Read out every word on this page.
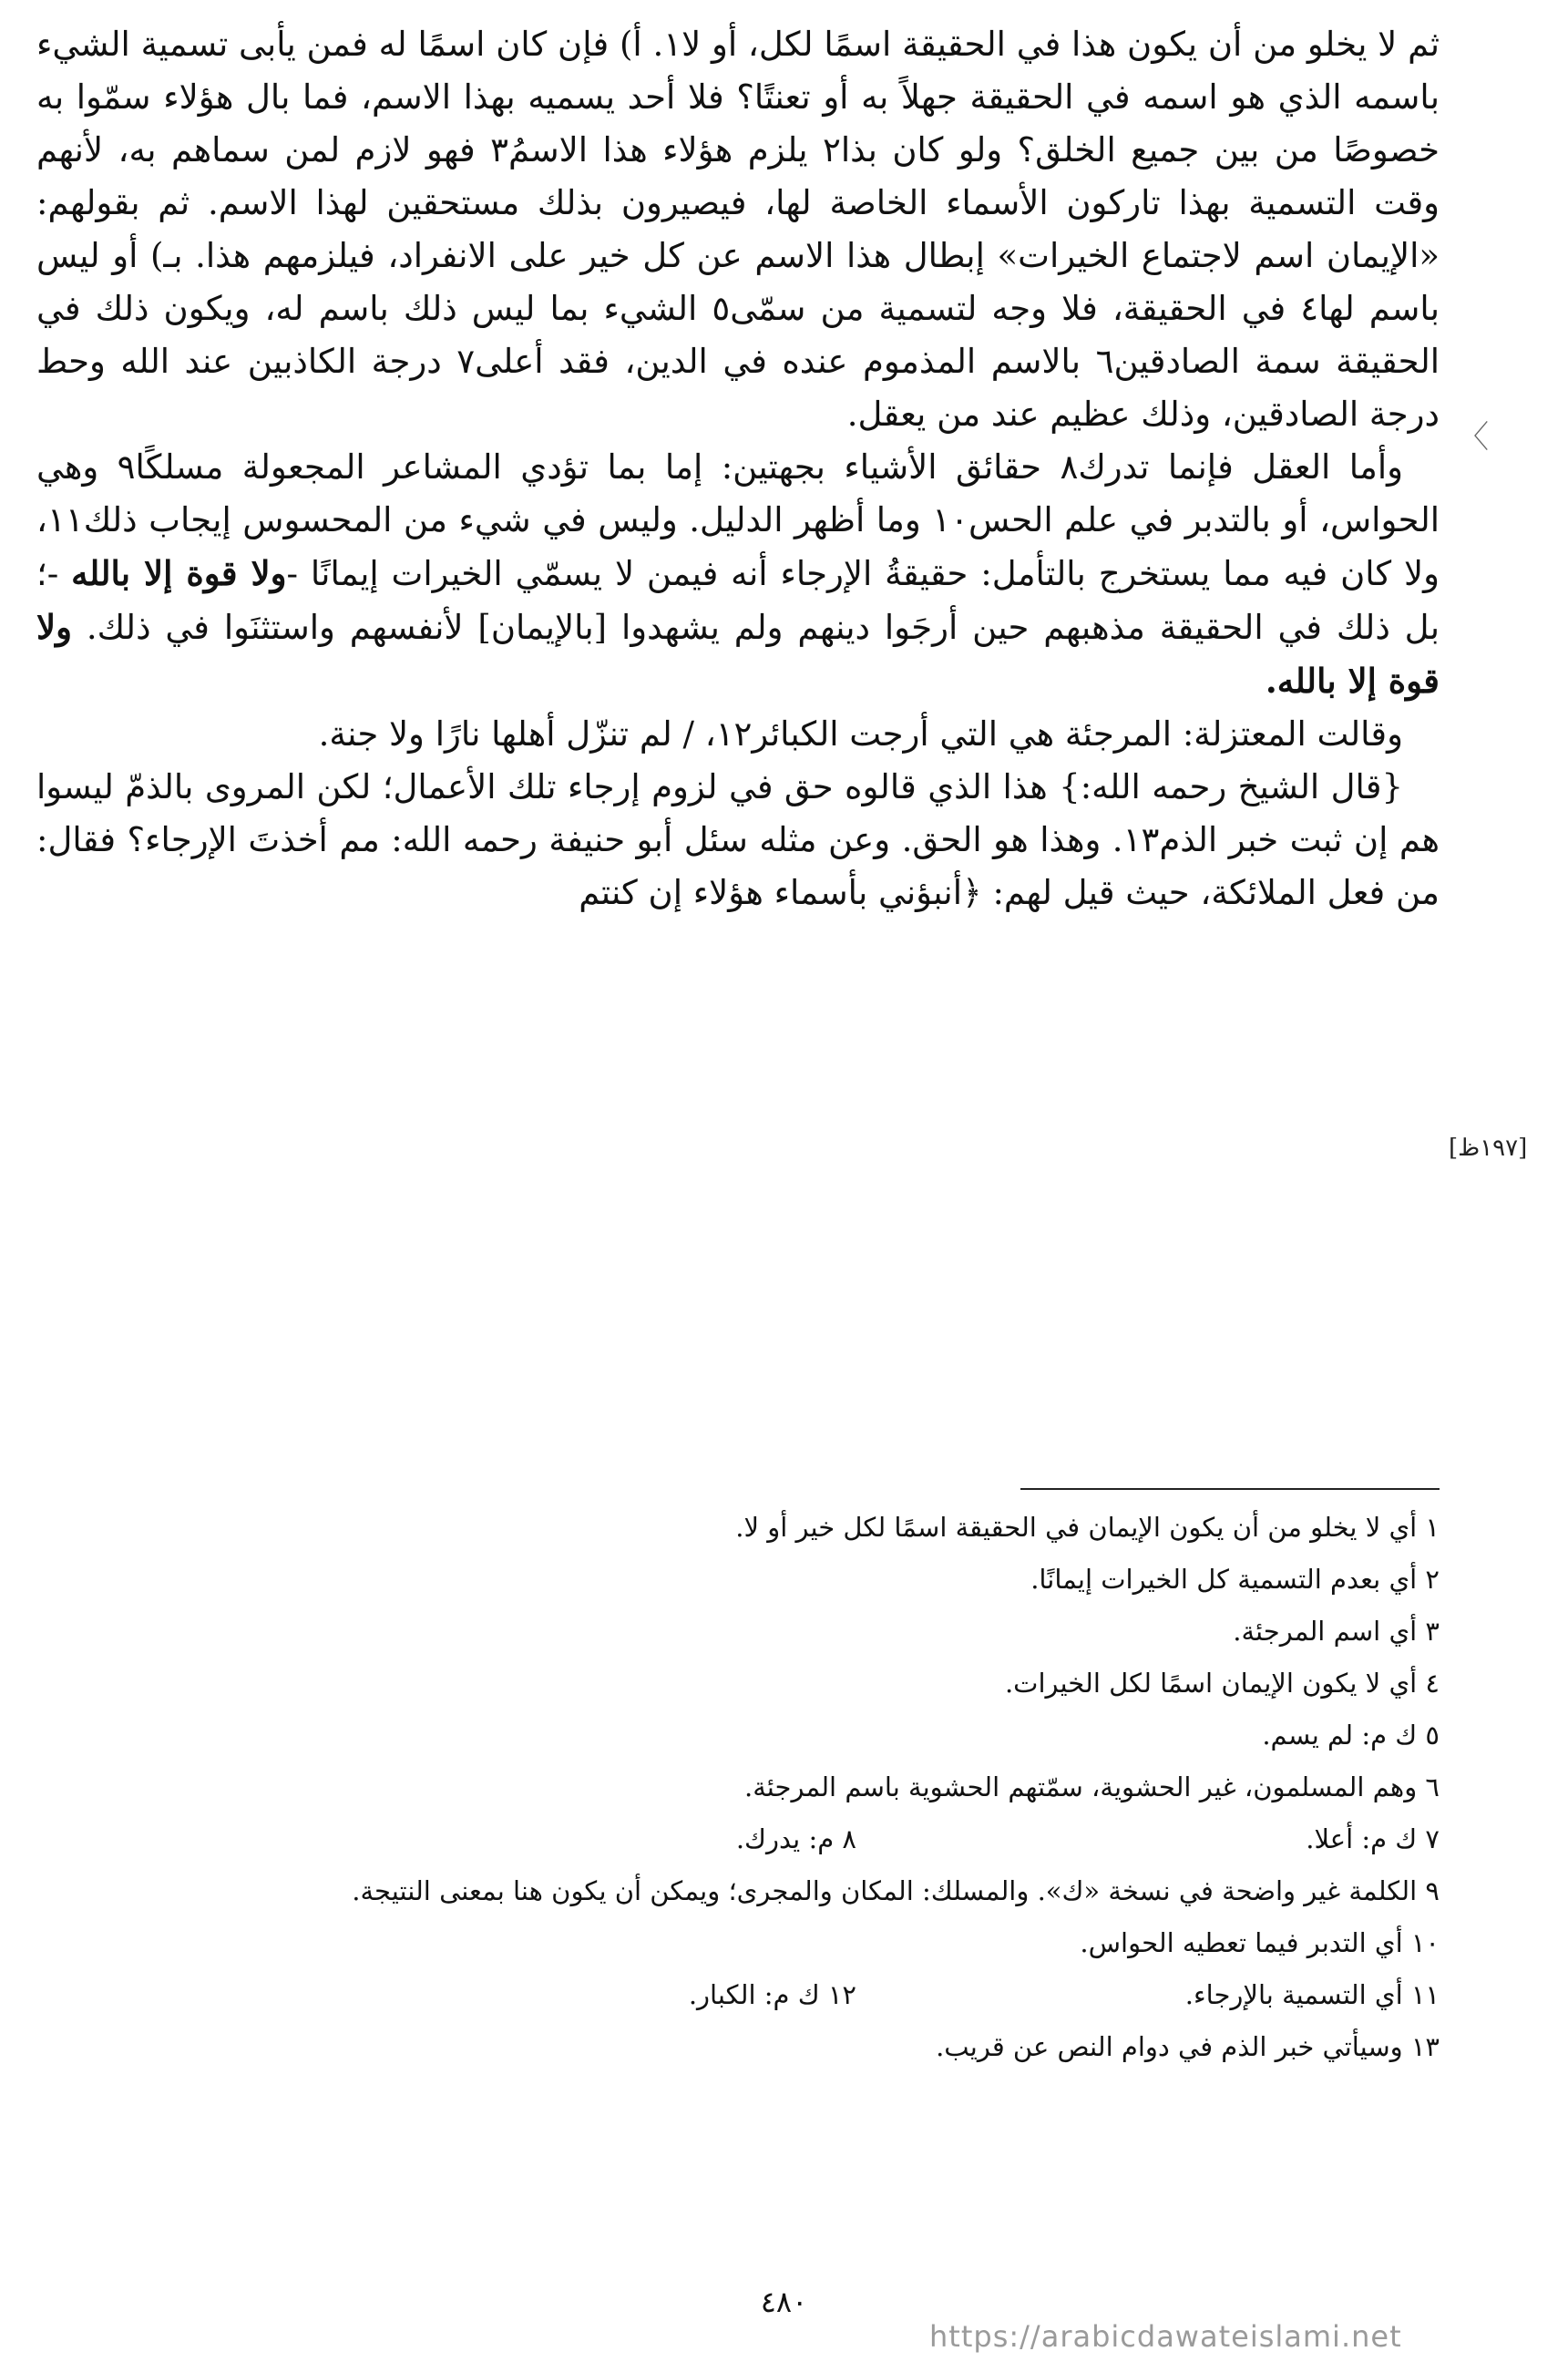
ثم لا يخلو من أن يكون هذا في الحقيقة اسمًا لكل، أو لا١. أ) فإن كان اسمًا له فمن يأبى تسمية الشيء باسمه الذي هو اسمه في الحقيقة جهلاً به أو تعنتًا؟ فلا أحد يسميه بهذا الاسم، فما بال هؤلاء سمّوا به خصوصًا من بين جميع الخلق؟ ولو كان بذا٢ يلزم هؤلاء هذا الاسمُ٣ فهو لازم لمن سماهم به، لأنهم وقت التسمية بهذا تاركون الأسماء الخاصة لها، فيصيرون بذلك مستحقين لهذا الاسم. ثم بقولهم: «الإيمان اسم لاجتماع الخيرات» إبطال هذا الاسم عن كل خير على الانفراد، فيلزمهم هذا. بـ) أو ليس باسم لها٤ في الحقيقة، فلا وجه لتسمية من سمّى٥ الشيء بما ليس ذلك باسم له، ويكون ذلك في الحقيقة سمة الصادقين٦ بالاسم المذموم عنده في الدين، فقد أعلى٧ درجة الكاذبين عند الله وحط درجة الصادقين، وذلك عظيم عند من يعقل.

وأما العقل فإنما تدرك٨ حقائق الأشياء بجهتين: إما بما تؤدي المشاعر المجعولة مسلكًا٩ وهي الحواس، أو بالتدبر في علم الحس١٠ وما أظهر الدليل. وليس في شيء من المحسوس إيجاب ذلك١١، ولا كان فيه مما يستخرج بالتأمل: حقيقةُ الإرجاء أنه فيمن لا يسمّي الخيرات إيمانًا -ولا قوة إلا بالله -؛ بل ذلك في الحقيقة مذهبهم حين أرجَوا دينهم ولم يشهدوا [بالإيمان] لأنفسهم واستثنَوا في ذلك. ولا قوة إلا بالله.

وقالت المعتزلة: المرجئة هي التي أرجت الكبائر١٢، / لم تنزّل أهلها نارًا ولا جنة.

{قال الشيخ رحمه الله:} هذا الذي قالوه حق في لزوم إرجاء تلك الأعمال؛ لكن المروى بالذمّ ليسوا هم إن ثبت خبر الذم١٣. وهذا هو الحق. وعن مثله سئل أبو حنيفة رحمه الله: مم أخذتَ الإرجاء؟ فقال: من فعل الملائكة، حيث قيل لهم: ﴿أنبؤني بأسماء هؤلاء إن كنتم

〈
[١٩٧ظ]
١ أي لا يخلو من أن يكون الإيمان في الحقيقة اسمًا لكل خير أو لا.
٢ أي بعدم التسمية كل الخيرات إيمانًا.
٣ أي اسم المرجئة.
٤ أي لا يكون الإيمان اسمًا لكل الخيرات.
٥ ك م: لم يسم.
٦ وهم المسلمون، غير الحشوية، سمّتهم الحشوية باسم المرجئة.
٧ ك م: أعلا.
٨ م: يدرك.
٩ الكلمة غير واضحة في نسخة «ك». والمسلك: المكان والمجرى؛ ويمكن أن يكون هنا بمعنى النتيجة.
١٠ أي التدبر فيما تعطيه الحواس.
١١ أي التسمية بالإرجاء.
١٢ ك م: الكبار.
١٣ وسيأتي خبر الذم في دوام النص عن قريب.
٤٨٠
https://arabicdawateislami.net
